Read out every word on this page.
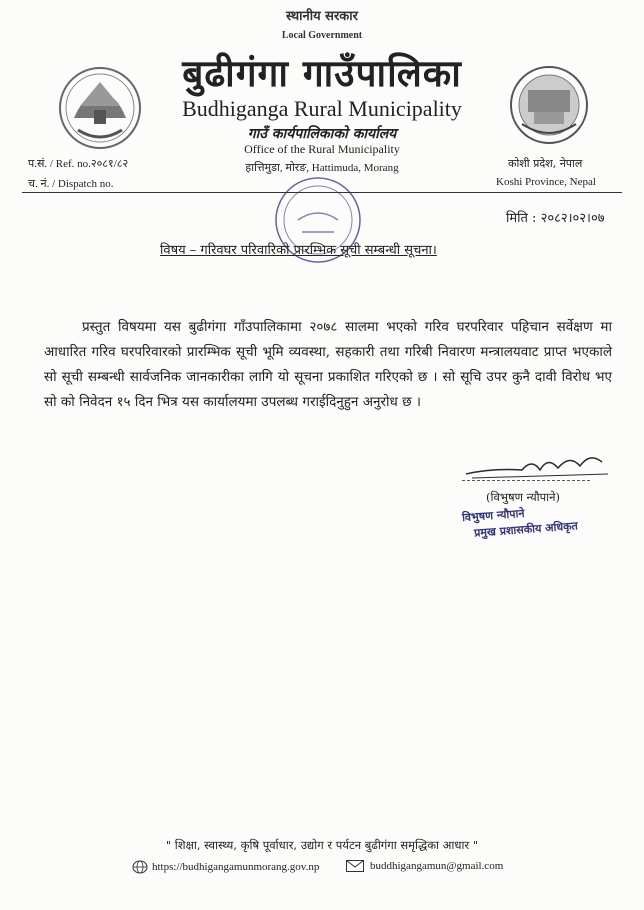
स्थानीय सरकार
Local Government
बुढीगंगा गाउँपालिका
Budhiganga Rural Municipality
गाउँ कार्यपालिकाको कार्यालय
Office of the Rural Municipality
हात्तिमुडा, मोरङ, Hattimuda, Morang
प.सं. / Ref. no.२०८१/८२
च. नं. / Dispatch no.
कोशी प्रदेश, नेपाल
Koshi Province, Nepal
मिति : २०८२।०२।०७
विषय – गरिवघर परिवारिको प्रारम्भिक सूची सम्बन्धी सूचना।
प्रस्तुत विषयमा यस बुढीगंगा गाँउपालिकामा २०७८ सालमा भएको गरिव घरपरिवार पहिचान सर्वेक्षण मा आधारित गरिव घरपरिवारको प्रारम्भिक सूची भूमि व्यवस्था, सहकारी तथा गरिबी निवारण मन्त्रालयवाट प्राप्त भएकाले सो सूची सम्बन्धी सार्वजनिक जानकारीका लागि यो सूचना प्रकाशित गरिएको छ । सो सूचि उपर कुनै दावी विरोध भए सो को निवेदन १५ दिन भित्र यस कार्यालयमा उपलब्ध गराईदिनुहुन अनुरोध छ ।
(विभुषण न्यौपाने)
विभुषण न्यौपाने
प्रमुख प्रशासकीय अधिकृत
" शिक्षा, स्वास्थ्य, कृषि पूर्वाधार, उद्योग र पर्यटन बुढीगंगा समृद्धिका आधार "
https://budhigangamunmorang.gov.np	buddhigangamun@gmail.com
